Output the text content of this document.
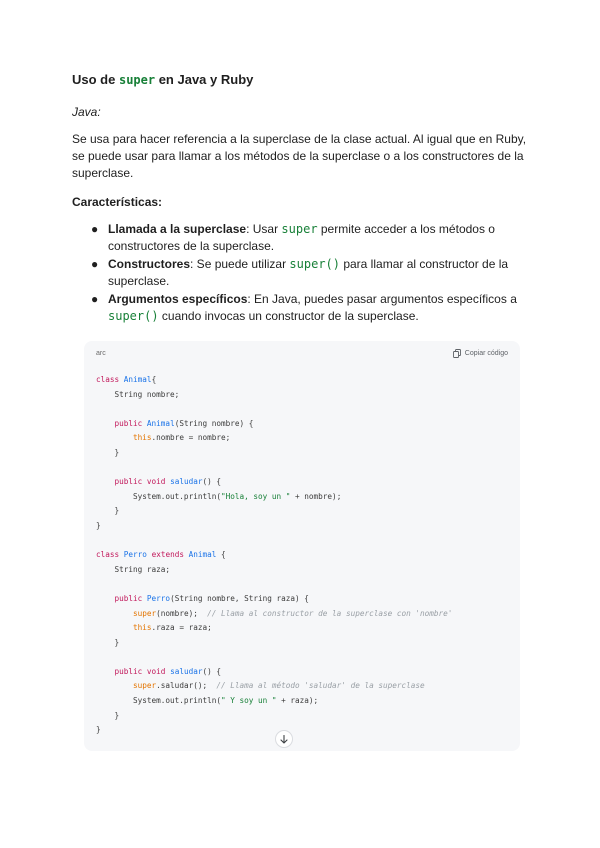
Uso de super en Java y Ruby

Java:

Se usa para hacer referencia a la superclase de la clase actual. Al igual que en Ruby, se puede usar para llamar a los métodos de la superclase o a los constructores de la superclase.

Características:

● Llamada a la superclase: Usar super permite acceder a los métodos o constructores de la superclase.
● Constructores: Se puede utilizar super() para llamar al constructor de la superclase.
● Argumentos específicos: En Java, puedes pasar argumentos específicos a super() cuando invocas un constructor de la superclase.
arc	Copiar código
class Animal{
String nombre;

public Animal(String nombre) {
this.nombre = nombre;
}

public void saludar() {
System.out.println("Hola, soy un " + nombre);
}
}

class Perro extends Animal {
String raza;

public Perro(String nombre, String raza) {
super(nombre);  // Llama al constructor de la superclase con 'nombre'
this.raza = raza;
}

public void saludar() {
super.saludar();  // Llama al método 'saludar' de la superclase
System.out.println(" Y soy un " + raza);
}
}
